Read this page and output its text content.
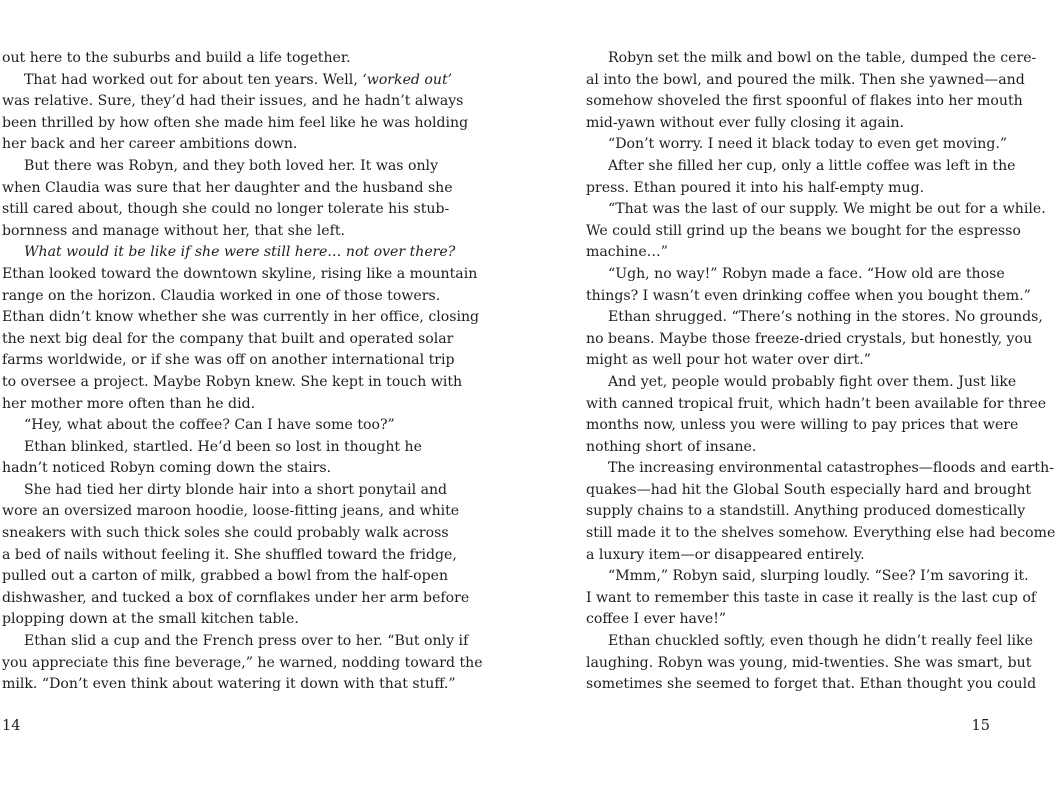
out here to the suburbs and build a life together.
That had worked out for about ten years. Well, ‘worked out’
was relative. Sure, they’d had their issues, and he hadn’t always
been thrilled by how often she made him feel like he was holding
her back and her career ambitions down.
But there was Robyn, and they both loved her. It was only
when Claudia was sure that her daughter and the husband she
still cared about, though she could no longer tolerate his stub-
bornness and manage without her, that she left.
What would it be like if she were still here… not over there?
Ethan looked toward the downtown skyline, rising like a mountain
range on the horizon. Claudia worked in one of those towers.
Ethan didn’t know whether she was currently in her office, closing
the next big deal for the company that built and operated solar
farms worldwide, or if she was off on another international trip
to oversee a project. Maybe Robyn knew. She kept in touch with
her mother more often than he did.
“Hey, what about the coffee? Can I have some too?”
Ethan blinked, startled. He’d been so lost in thought he
hadn’t noticed Robyn coming down the stairs.
She had tied her dirty blonde hair into a short ponytail and
wore an oversized maroon hoodie, loose-fitting jeans, and white
sneakers with such thick soles she could probably walk across
a bed of nails without feeling it. She shuffled toward the fridge,
pulled out a carton of milk, grabbed a bowl from the half-open
dishwasher, and tucked a box of cornflakes under her arm before
plopping down at the small kitchen table.
Ethan slid a cup and the French press over to her. “But only if
you appreciate this fine beverage,” he warned, nodding toward the
milk. “Don’t even think about watering it down with that stuff.”
Robyn set the milk and bowl on the table, dumped the cere-
al into the bowl, and poured the milk. Then she yawned—and
somehow shoveled the first spoonful of flakes into her mouth
mid-yawn without ever fully closing it again.
“Don’t worry. I need it black today to even get moving.”
After she filled her cup, only a little coffee was left in the
press. Ethan poured it into his half-empty mug.
“That was the last of our supply. We might be out for a while.
We could still grind up the beans we bought for the espresso
machine…”
“Ugh, no way!” Robyn made a face. “How old are those
things? I wasn’t even drinking coffee when you bought them.”
Ethan shrugged. “There’s nothing in the stores. No grounds,
no beans. Maybe those freeze-dried crystals, but honestly, you
might as well pour hot water over dirt.”
And yet, people would probably fight over them. Just like
with canned tropical fruit, which hadn’t been available for three
months now, unless you were willing to pay prices that were
nothing short of insane.
The increasing environmental catastrophes—floods and earth-
quakes—had hit the Global South especially hard and brought
supply chains to a standstill. Anything produced domestically
still made it to the shelves somehow. Everything else had become
a luxury item—or disappeared entirely.
“Mmm,” Robyn said, slurping loudly. “See? I’m savoring it.
I want to remember this taste in case it really is the last cup of
coffee I ever have!”
Ethan chuckled softly, even though he didn’t really feel like
laughing. Robyn was young, mid-twenties. She was smart, but
sometimes she seemed to forget that. Ethan thought you could
14	15
